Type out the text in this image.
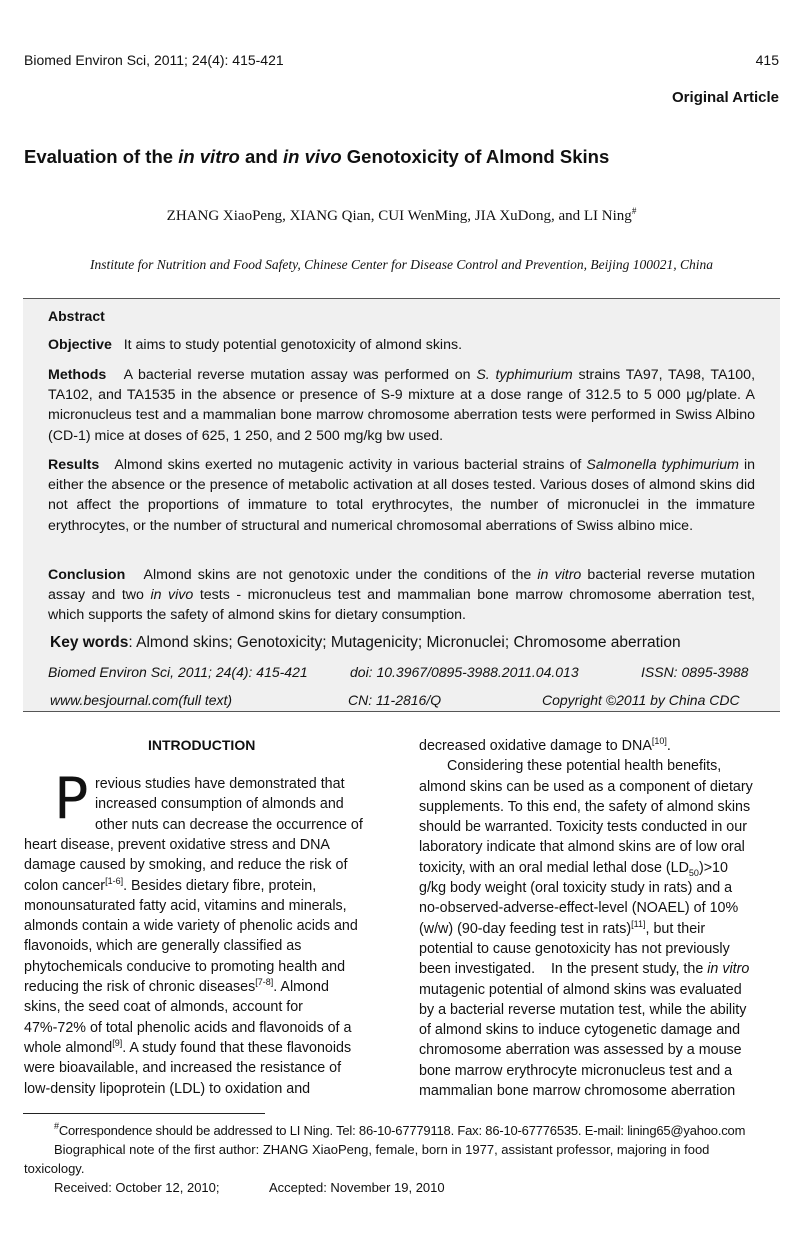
Biomed Environ Sci, 2011; 24(4): 415-421	415
Original Article
Evaluation of the in vitro and in vivo Genotoxicity of Almond Skins
ZHANG XiaoPeng, XIANG Qian, CUI WenMing, JIA XuDong, and LI Ning#
Institute for Nutrition and Food Safety, Chinese Center for Disease Control and Prevention, Beijing 100021, China
Abstract
Objective It aims to study potential genotoxicity of almond skins.
Methods A bacterial reverse mutation assay was performed on S. typhimurium strains TA97, TA98, TA100, TA102, and TA1535 in the absence or presence of S-9 mixture at a dose range of 312.5 to 5 000 μg/plate. A micronucleus test and a mammalian bone marrow chromosome aberration tests were performed in Swiss Albino (CD-1) mice at doses of 625, 1 250, and 2 500 mg/kg bw used.
Results Almond skins exerted no mutagenic activity in various bacterial strains of Salmonella typhimurium in either the absence or the presence of metabolic activation at all doses tested. Various doses of almond skins did not affect the proportions of immature to total erythrocytes, the number of micronuclei in the immature erythrocytes, or the number of structural and numerical chromosomal aberrations of Swiss albino mice.
Conclusion Almond skins are not genotoxic under the conditions of the in vitro bacterial reverse mutation assay and two in vivo tests - micronucleus test and mammalian bone marrow chromosome aberration test, which supports the safety of almond skins for dietary consumption.
Key words: Almond skins; Genotoxicity; Mutagenicity; Micronuclei; Chromosome aberration
Biomed Environ Sci, 2011; 24(4): 415-421	doi: 10.3967/0895-3988.2011.04.013	ISSN: 0895-3988
www.besjournal.com(full text)	CN: 11-2816/Q	Copyright ©2011 by China CDC
INTRODUCTION
P revious studies have demonstrated that
increased consumption of almonds and
other nuts can decrease the occurrence of
heart disease, prevent oxidative stress and DNA
damage caused by smoking, and reduce the risk of
colon cancer[1-6]. Besides dietary fibre, protein,
monounsaturated fatty acid, vitamins and minerals,
almonds contain a wide variety of phenolic acids and
flavonoids, which are generally classified as
phytochemicals conducive to promoting health and
reducing the risk of chronic diseases[7-8]. Almond
skins, the seed coat of almonds, account for
47%-72% of total phenolic acids and flavonoids of a
whole almond[9]. A study found that these flavonoids
were bioavailable, and increased the resistance of
low-density lipoprotein (LDL) to oxidation and
decreased oxidative damage to DNA[10].
Considering these potential health benefits,
almond skins can be used as a component of dietary
supplements. To this end, the safety of almond skins
should be warranted. Toxicity tests conducted in our
laboratory indicate that almond skins are of low oral
toxicity, with an oral medial lethal dose $(LD_{50})>10$
g/kg body weight (oral toxicity study in rats) and a
no-observed-adverse-effect-level (NOAEL) of 10%
(w/w) (90-day feeding test in rats)[11], but their
potential to cause genotoxicity has not previously
been investigated.    In the present study, the in vitro
mutagenic potential of almond skins was evaluated
by a bacterial reverse mutation test, while the ability
of almond skins to induce cytogenetic damage and
chromosome aberration was assessed by a mouse
bone marrow erythrocyte micronucleus test and a
mammalian bone marrow chromosome aberration
#Correspondence should be addressed to LI Ning. Tel: 86-10-67779118. Fax: 86-10-67776535. E-mail: lining65@yahoo.com
Biographical note of the first author: ZHANG XiaoPeng, female, born in 1977, assistant professor, majoring in food
toxicology.
Received: October 12, 2010;	Accepted: November 19, 2010
